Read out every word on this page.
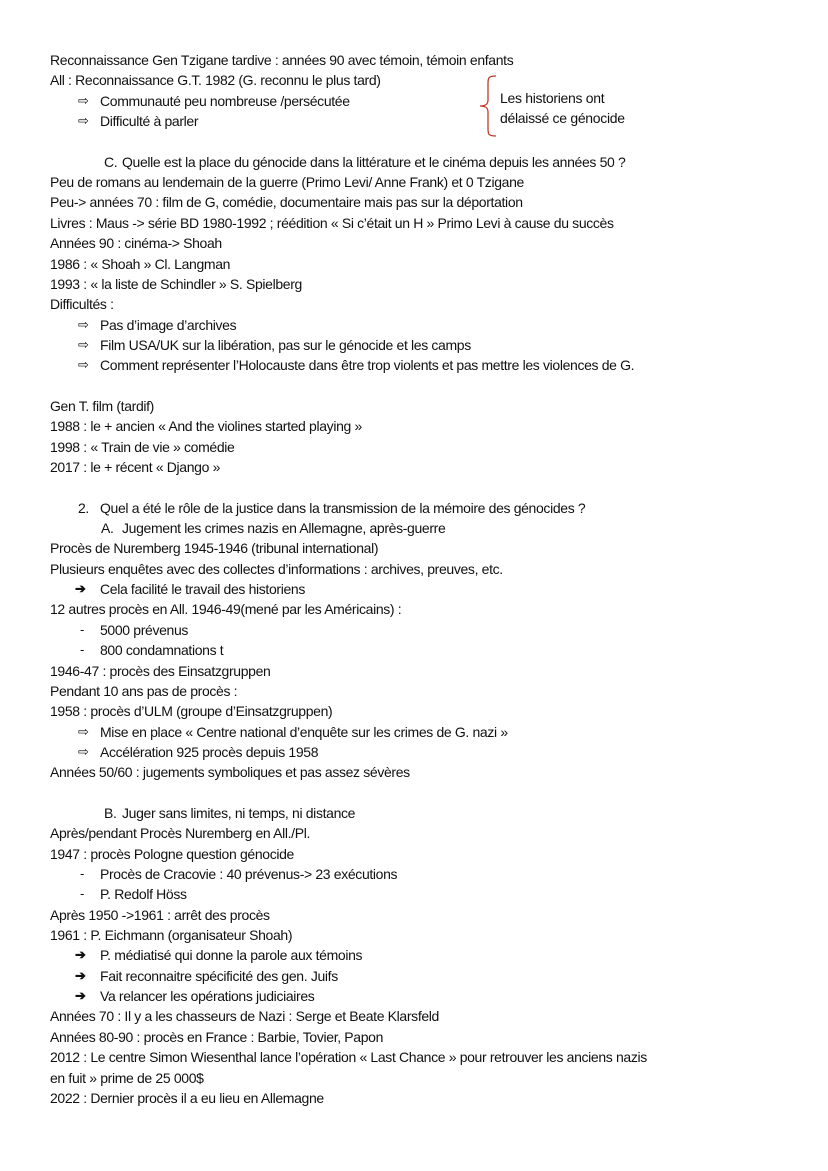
Reconnaissance Gen Tzigane tardive : années 90 avec témoin, témoin enfants
All : Reconnaissance G.T. 1982 (G. reconnu le plus tard)
⇨ Communauté peu nombreuse /persécutée
⇨ Difficulté à parler
C. Quelle est la place du génocide dans la littérature et le cinéma depuis les années 50 ?
Peu de romans au lendemain de la guerre (Primo Levi/ Anne Frank) et 0 Tzigane
Peu-> années 70 : film de G, comédie, documentaire mais pas sur la déportation
Livres : Maus -> série BD 1980-1992 ; réédition « Si c’était un H » Primo Levi à cause du succès
Années 90 : cinéma-> Shoah
1986 : « Shoah » Cl. Langman
1993 : « la liste de Schindler » S. Spielberg
Difficultés :
⇨ Pas d’image d’archives
⇨ Film USA/UK sur la libération, pas sur le génocide et les camps
⇨ Comment représenter l’Holocauste dans être trop violents et pas mettre les violences de G.
Gen T. film (tardif)
1988 : le + ancien « And the violines started playing »
1998 : « Train de vie » comédie
2017 : le + récent « Django »
2. Quel a été le rôle de la justice dans la transmission de la mémoire des génocides ?
A. Jugement les crimes nazis en Allemagne, après-guerre
Procès de Nuremberg 1945-1946 (tribunal international)
Plusieurs enquêtes avec des collectes d’informations : archives, preuves, etc.
➔ Cela facilité le travail des historiens
12 autres procès en All. 1946-49(mené par les Américains) :
- 5000 prévenus
- 800 condamnations t
1946-47 : procès des Einsatzgruppen
Pendant 10 ans pas de procès :
1958 : procès d’ULM (groupe d’Einsatzgruppen)
⇨ Mise en place « Centre national d’enquête sur les crimes de G. nazi »
⇨ Accélération 925 procès depuis 1958
Années 50/60 : jugements symboliques et pas assez sévères
B. Juger sans limites, ni temps, ni distance
Après/pendant Procès Nuremberg en All./Pl.
1947 : procès Pologne question génocide
- Procès de Cracovie : 40 prévenus-> 23 exécutions
- P. Redolf Höss
Après 1950 ->1961 : arrêt des procès
1961 : P. Eichmann (organisateur Shoah)
➔ P. médiatisé qui donne la parole aux témoins
➔ Fait reconnaitre spécificité des gen. Juifs
➔ Va relancer les opérations judiciaires
Années 70 : Il y a les chasseurs de Nazi : Serge et Beate Klarsfeld
Années 80-90 : procès en France : Barbie, Tovier, Papon
2012 : Le centre Simon Wiesenthal lance l’opération « Last Chance » pour retrouver les anciens nazis
en fuit » prime de 25 000$
2022 : Dernier procès il a eu lieu en Allemagne
Les historiens ont
délaissé ce génocide
